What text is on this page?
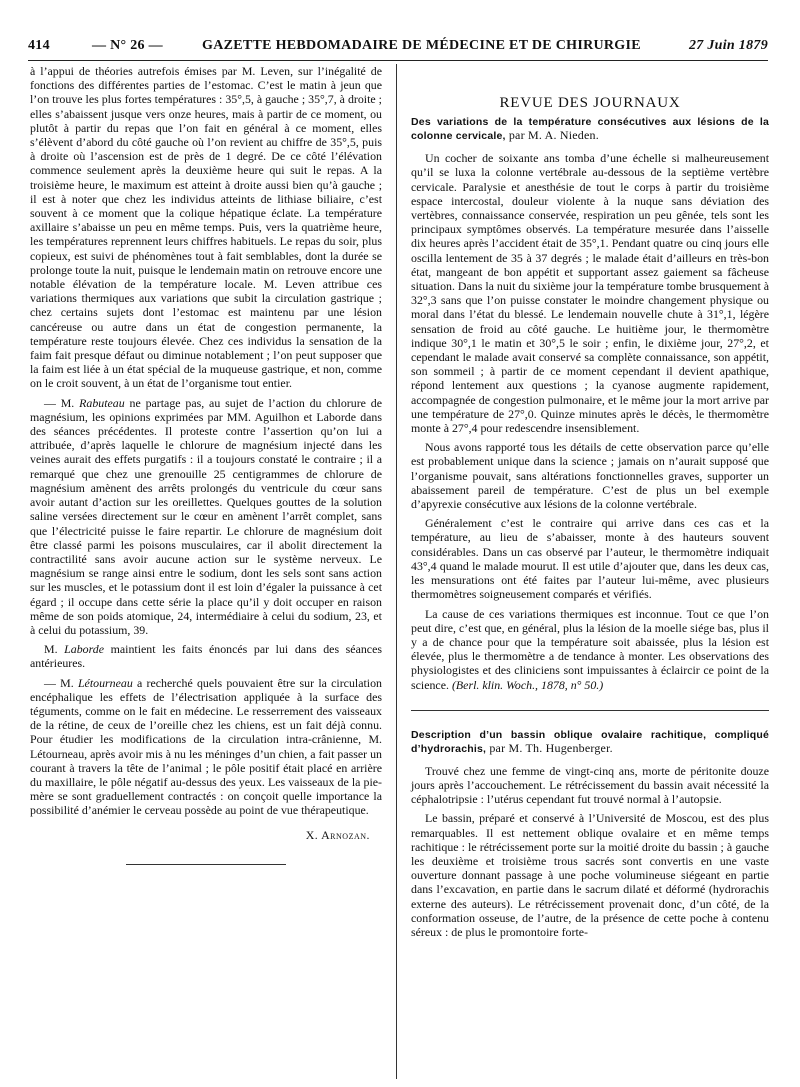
414	— N° 26 —	GAZETTE HEBDOMADAIRE DE MÉDECINE ET DE CHIRURGIE	27 Juin 1879

à l’appui de théories autrefois émises par M. Leven, sur l’inégalité de fonctions des différentes parties de l’estomac. C’est le matin à jeun que l’on trouve les plus fortes températures : 35°,5, à gauche ; 35°,7, à droite ; elles s’abaissent jusque vers onze heures, mais à partir de ce moment, ou plutôt à partir du repas que l’on fait en général à ce moment, elles s’élèvent d’abord du côté gauche où l’on revient au chiffre de 35°,5, puis à droite où l’ascension est de près de 1 degré. De ce côté l’élévation commence seulement après la deuxième heure qui suit le repas. A la troisième heure, le maximum est atteint à droite aussi bien qu’à gauche ; il est à noter que chez les individus atteints de lithiase biliaire, c’est souvent à ce moment que la colique hépatique éclate. La température axillaire s’abaisse un peu en même temps. Puis, vers la quatrième heure, les températures reprennent leurs chiffres habituels. Le repas du soir, plus copieux, est suivi de phénomènes tout à fait semblables, dont la durée se prolonge toute la nuit, puisque le lendemain matin on retrouve encore une notable élévation de la température locale. M. Leven attribue ces variations thermiques aux variations que subit la circulation gastrique ; chez certains sujets dont l’estomac est maintenu par une lésion cancéreuse ou autre dans un état de congestion permanente, la température reste toujours élevée. Chez ces individus la sensation de la faim fait presque défaut ou diminue notablement ; l’on peut supposer que la faim est liée à un état spécial de la muqueuse gastrique, et non, comme on le croit souvent, à un état de l’organisme tout entier.

— M. Rabuteau ne partage pas, au sujet de l’action du chlorure de magnésium, les opinions exprimées par MM. Aguilhon et Laborde dans des séances précédentes. Il proteste contre l’assertion qu’on lui a attribuée, d’après laquelle le chlorure de magnésium injecté dans les veines aurait des effets purgatifs : il a toujours constaté le contraire ; il a remarqué que chez une grenouille 25 centigrammes de chlorure de magnésium amènent des arrêts prolongés du ventricule du cœur sans avoir autant d’action sur les oreillettes. Quelques gouttes de la solution saline versées directement sur le cœur en amènent l’arrêt complet, sans que l’électricité puisse le faire repartir. Le chlorure de magnésium doit être classé parmi les poisons musculaires, car il abolit directement la contractilité sans avoir aucune action sur le système nerveux. Le magnésium se range ainsi entre le sodium, dont les sels sont sans action sur les muscles, et le potassium dont il est loin d’égaler la puissance à cet égard ; il occupe dans cette série la place qu’il y doit occuper en raison même de son poids atomique, 24, intermédiaire à celui du sodium, 23, et à celui du potassium, 39.

M. Laborde maintient les faits énoncés par lui dans des séances antérieures.

— M. Létourneau a recherché quels pouvaient être sur la circulation encéphalique les effets de l’électrisation appliquée à la surface des téguments, comme on le fait en médecine. Le resserrement des vaisseaux de la rétine, de ceux de l’oreille chez les chiens, est un fait déjà connu. Pour étudier les modifications de la circulation intra-crânienne, M. Létourneau, après avoir mis à nu les méninges d’un chien, a fait passer un courant à travers la tête de l’animal ; le pôle positif était placé en arrière du maxillaire, le pôle négatif au-dessus des yeux. Les vaisseaux de la pie-mère se sont graduellement contractés : on conçoit quelle importance la possibilité d’anémier le cerveau possède au point de vue thérapeutique.

X. Arnozan.

REVUE DES JOURNAUX

Des variations de la température consécutives aux lésions de la colonne cervicale, par M. A. Nieden.

Un cocher de soixante ans tomba d’une échelle si malheureusement qu’il se luxa la colonne vertébrale au-dessous de la septième vertèbre cervicale. Paralysie et anesthésie de tout le corps à partir du troisième espace intercostal, douleur violente à la nuque sans déviation des vertèbres, connaissance conservée, respiration un peu gênée, tels sont les principaux symptômes observés. La température mesurée dans l’aisselle dix heures après l’accident était de 35°,1. Pendant quatre ou cinq jours elle oscilla lentement de 35 à 37 degrés ; le malade était d’ailleurs en très-bon état, mangeant de bon appétit et supportant assez gaiement sa fâcheuse situation. Dans la nuit du sixième jour la température tombe brusquement à 32°,3 sans que l’on puisse constater le moindre changement physique ou moral dans l’état du blessé. Le lendemain nouvelle chute à 31°,1, légère sensation de froid au côté gauche. Le huitième jour, le thermomètre indique 30°,1 le matin et 30°,5 le soir ; enfin, le dixième jour, 27°,2, et cependant le malade avait conservé sa complète connaissance, son appétit, son sommeil ; à partir de ce moment cependant il devient apathique, répond lentement aux questions ; la cyanose augmente rapidement, accompagnée de congestion pulmonaire, et le même jour la mort arrive par une température de 27°,0. Quinze minutes après le décès, le thermomètre monte à 27°,4 pour redescendre insensiblement.

Nous avons rapporté tous les détails de cette observation parce qu’elle est probablement unique dans la science ; jamais on n’aurait supposé que l’organisme pouvait, sans altérations fonctionnelles graves, supporter un abaissement pareil de température. C’est de plus un bel exemple d’apyrexie consécutive aux lésions de la colonne vertébrale.

Généralement c’est le contraire qui arrive dans ces cas et la température, au lieu de s’abaisser, monte à des hauteurs souvent considérables. Dans un cas observé par l’auteur, le thermomètre indiquait 43°,4 quand le malade mourut. Il est utile d’ajouter que, dans les deux cas, les mensurations ont été faites par l’auteur lui-même, avec plusieurs thermomètres soigneusement comparés et vérifiés.

La cause de ces variations thermiques est inconnue. Tout ce que l’on peut dire, c’est que, en général, plus la lésion de la moelle siége bas, plus il y a de chance pour que la température soit abaissée, plus la lésion est élevée, plus le thermomètre a de tendance à monter. Les observations des physiologistes et des cliniciens sont impuissantes à éclaircir ce point de la science. (Berl. klin. Woch., 1878, n° 50.)

Description d’un bassin oblique ovalaire rachitique, compliqué d’hydrorachis, par M. Th. Hugenberger.

Trouvé chez une femme de vingt-cinq ans, morte de péritonite douze jours après l’accouchement. Le rétrécissement du bassin avait nécessité la céphalotripsie : l’utérus cependant fut trouvé normal à l’autopsie.

Le bassin, préparé et conservé à l’Université de Moscou, est des plus remarquables. Il est nettement oblique ovalaire et en même temps rachitique : le rétrécissement porte sur la moitié droite du bassin ; à gauche les deuxième et troisième trous sacrés sont convertis en une vaste ouverture donnant passage à une poche volumineuse siégeant en partie dans l’excavation, en partie dans le sacrum dilaté et déformé (hydrorachis externe des auteurs). Le rétrécissement provenait donc, d’un côté, de la conformation osseuse, de l’autre, de la présence de cette poche à contenu séreux : de plus le promontoire forte-
